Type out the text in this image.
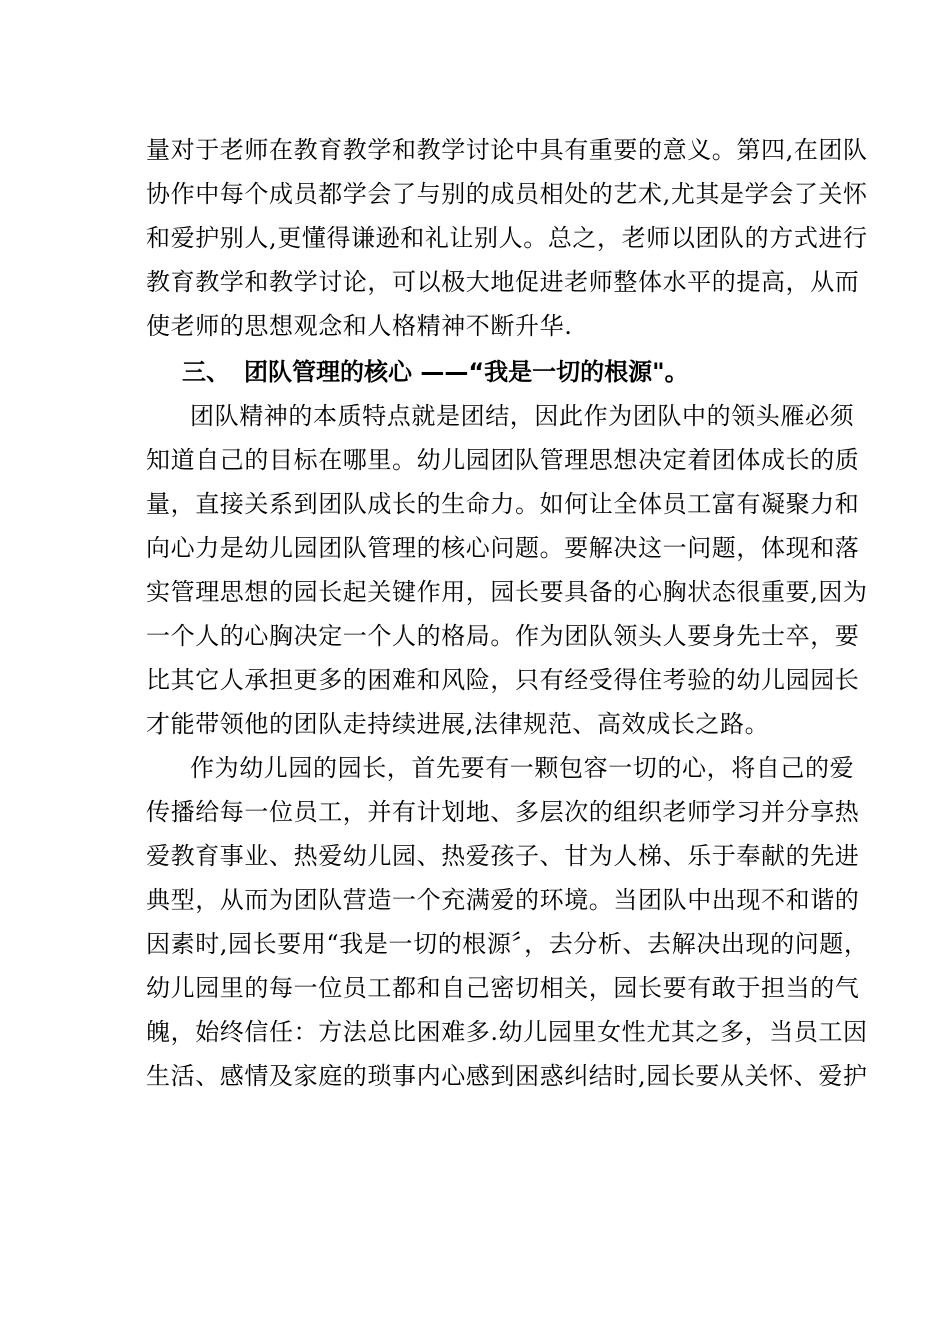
量对于老师在教育教学和教学讨论中具有重要的意义。第四,在团队
协作中每个成员都学会了与别的成员相处的艺术,尤其是学会了关怀
和爱护别人,更懂得谦逊和礼让别人。总之，老师以团队的方式进行
教育教学和教学讨论，可以极大地促进老师整体水平的提高，从而
使老师的思想观念和人格精神不断升华.
三、 团队管理的核心 ——“我是一切的根源"。
团队精神的本质特点就是团结，因此作为团队中的领头雁必须
知道自己的目标在哪里。幼儿园团队管理思想决定着团体成长的质
量，直接关系到团队成长的生命力。如何让全体员工富有凝聚力和
向心力是幼儿园团队管理的核心问题。要解决这一问题，体现和落
实管理思想的园长起关键作用，园长要具备的心胸状态很重要,因为
一个人的心胸决定一个人的格局。作为团队领头人要身先士卒，要
比其它人承担更多的困难和风险，只有经受得住考验的幼儿园园长
才能带领他的团队走持续进展,法律规范、高效成长之路。
作为幼儿园的园长，首先要有一颗包容一切的心，将自己的爱
传播给每一位员工，并有计划地、多层次的组织老师学习并分享热
爱教育事业、热爱幼儿园、热爱孩子、甘为人梯、乐于奉献的先进
典型，从而为团队营造一个充满爱的环境。当团队中出现不和谐的
因素时,园长要用“我是一切的根源〞，去分析、去解决出现的问题，
幼儿园里的每一位员工都和自己密切相关，园长要有敢于担当的气
魄，始终信任：方法总比困难多.幼儿园里女性尤其之多，当员工因
生活、感情及家庭的琐事内心感到困惑纠结时,园长要从关怀、爱护
